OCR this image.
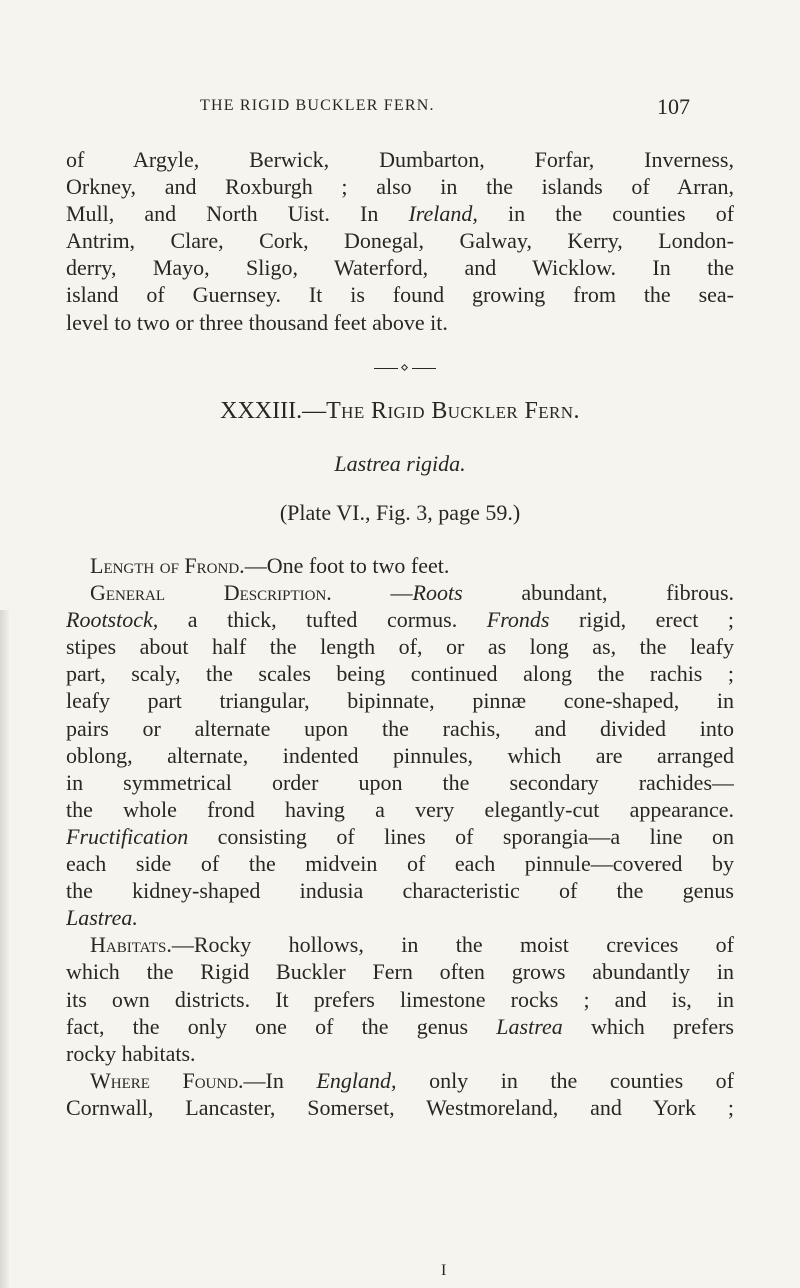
THE RIGID BUCKLER FERN.	107
of Argyle, Berwick, Dumbarton, Forfar, Inverness,
Orkney, and Roxburgh ; also in the islands of Arran,
Mull, and North Uist. In Ireland, in the counties of
Antrim, Clare, Cork, Donegal, Galway, Kerry, London-
derry, Mayo, Sligo, Waterford, and Wicklow. In the
island of Guernsey. It is found growing from the sea-
level to two or three thousand feet above it.
XXXIII.—The Rigid Buckler Fern.
Lastrea rigida.
(Plate VI., Fig. 3, page 59.)
Length of Frond.—One foot to two feet.
General Description. —Roots	abundant, fibrous.
Rootstock, a thick, tufted cormus. Fronds rigid, erect ;
stipes about half the length of, or as long as, the leafy
part, scaly, the scales being continued along the rachis ;
leafy part triangular, bipinnate, pinnæ cone-shaped, in
pairs or alternate upon the rachis, and divided into
oblong, alternate, indented pinnules, which are arranged
in symmetrical order upon the secondary rachides—
the whole frond having a very elegantly-cut appearance.
Fructification consisting of lines of sporangia—a line on
each side of the midvein of each pinnule—covered by
the kidney-shaped indusia characteristic of the genus
Lastrea.
Habitats.—Rocky hollows, in the moist crevices of
which the Rigid Buckler Fern often grows abundantly in
its own districts. It prefers limestone rocks ; and is, in
fact, the only one of the genus Lastrea which prefers
rocky habitats.
Where Found.—In England, only in the counties of
Cornwall, Lancaster, Somerset, Westmoreland, and York ;
I
